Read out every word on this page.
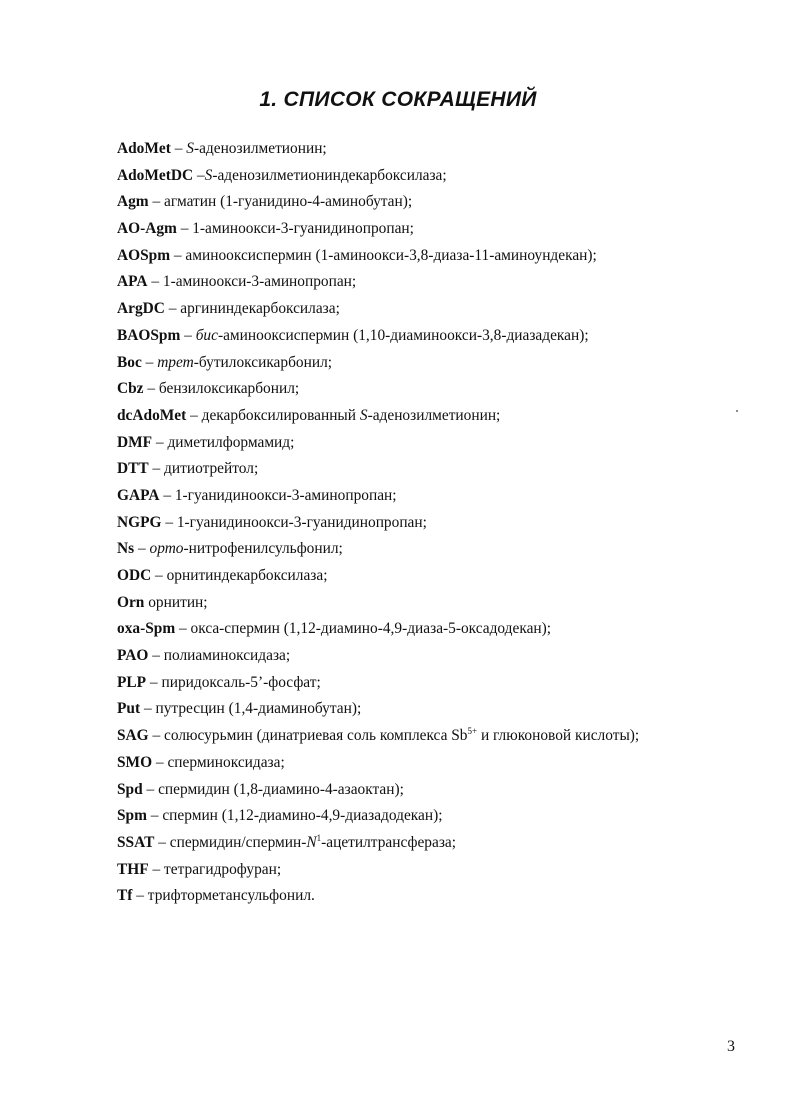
1. СПИСОК СОКРАЩЕНИЙ
AdoMet – S-аденозилметионин;
AdoMetDC –S-аденозилметиониндекарбоксилаза;
Agm – агматин (1-гуанидино-4-аминобутан);
AO-Agm – 1-аминоокси-3-гуанидинопропан;
AOSpm – аминооксиспермин (1-аминоокси-3,8-диаза-11-аминоундекан);
APA – 1-аминоокси-3-аминопропан;
ArgDC – аргининдекарбоксилаза;
BAOSpm – бис-аминооксиспермин (1,10-диаминоокси-3,8-диазадекан);
Boc – трет-бутилоксикарбонил;
Cbz – бензилоксикарбонил;
dcAdoMet – декарбоксилированный S-аденозилметионин;
DMF – диметилформамид;
DTT – дитиотрейтол;
GAPA – 1-гуанидиноокси-3-аминопропан;
NGPG – 1-гуанидиноокси-3-гуанидинопропан;
Ns – орто-нитрофенилсульфонил;
ODC – орнитиндекарбоксилаза;
Orn орнитин;
oxa-Spm – окса-спермин (1,12-диамино-4,9-диаза-5-оксадодекан);
PAO – полиаминоксидаза;
PLP – пиридоксаль-5’-фосфат;
Put – путресцин (1,4-диаминобутан);
SAG – солюсурьмин (динатриевая соль комплекса $Sb^{5+}$ и глюконовой кислоты);
SMO – сперминоксидаза;
Spd – спермидин (1,8-диамино-4-азаоктан);
Spm – спермин (1,12-диамино-4,9-диазадодекан);
SSAT – спермидин/$спермин-N^1$-ацетилтрансфераза;
THF – тетрагидрофуран;
Tf – трифторметансульфонил.
3
